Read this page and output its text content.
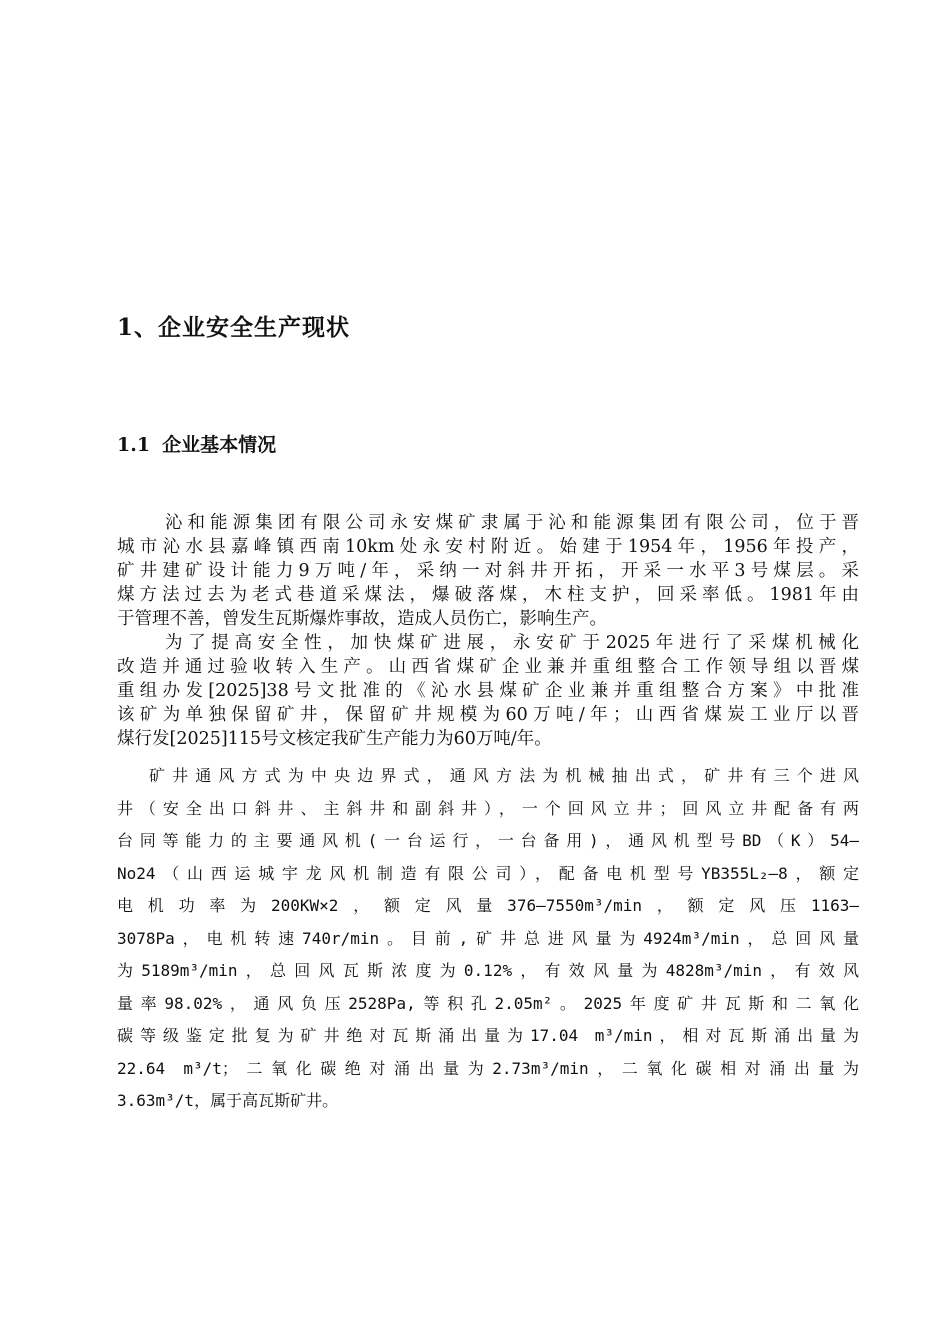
1、企业安全生产现状
1.1 企业基本情况
沁和能源集团有限公司永安煤矿隶属于沁和能源集团有限公司，位于晋
城市沁水县嘉峰镇西南10km处永安村附近。始建于1954年，1956年投产，
矿井建矿设计能力9万吨/年，采纳一对斜井开拓，开采一水平3号煤层。采
煤方法过去为老式巷道采煤法，爆破落煤，木柱支护，回采率低。1981年由
于管理不善，曾发生瓦斯爆炸事故，造成人员伤亡，影响生产。
为了提高安全性，加快煤矿进展，永安矿于2025年进行了采煤机械化
改造并通过验收转入生产。山西省煤矿企业兼并重组整合工作领导组以晋煤
重组办发[2025]38号文批准的《沁水县煤矿企业兼并重组整合方案》中批准
该矿为单独保留矿井，保留矿井规模为60万吨/年；山西省煤炭工业厅以晋
煤行发[2025]115号文核定我矿生产能力为60万吨/年。
矿井通风方式为中央边界式，通风方法为机械抽出式，矿井有三个进风
井（安全出口斜井、主斜井和副斜井），一个回风立井；回风立井配备有两
台同等能力的主要通风机(一台运行，一台备用)，通风机型号BD（K）54—
No24（山西运城宇龙风机制造有限公司），配备电机型号YB355L₂—8，额定
电机功率为200KW×2，额定风量376—7550m³/min，额定风压1163—
3078Pa，电机转速740r/min。目前,矿井总进风量为4924m³/min，总回风量
为5189m³/min，总回风瓦斯浓度为0.12%，有效风量为4828m³/min，有效风
量率98.02%，通风负压2528Pa,等积孔2.05m²。2025年度矿井瓦斯和二氧化
碳等级鉴定批复为矿井绝对瓦斯涌出量为17.04 m³/min，相对瓦斯涌出量为
22.64 m³/t；二氧化碳绝对涌出量为2.73m³/min，二氧化碳相对涌出量为
3.63m³/t，属于高瓦斯矿井。
